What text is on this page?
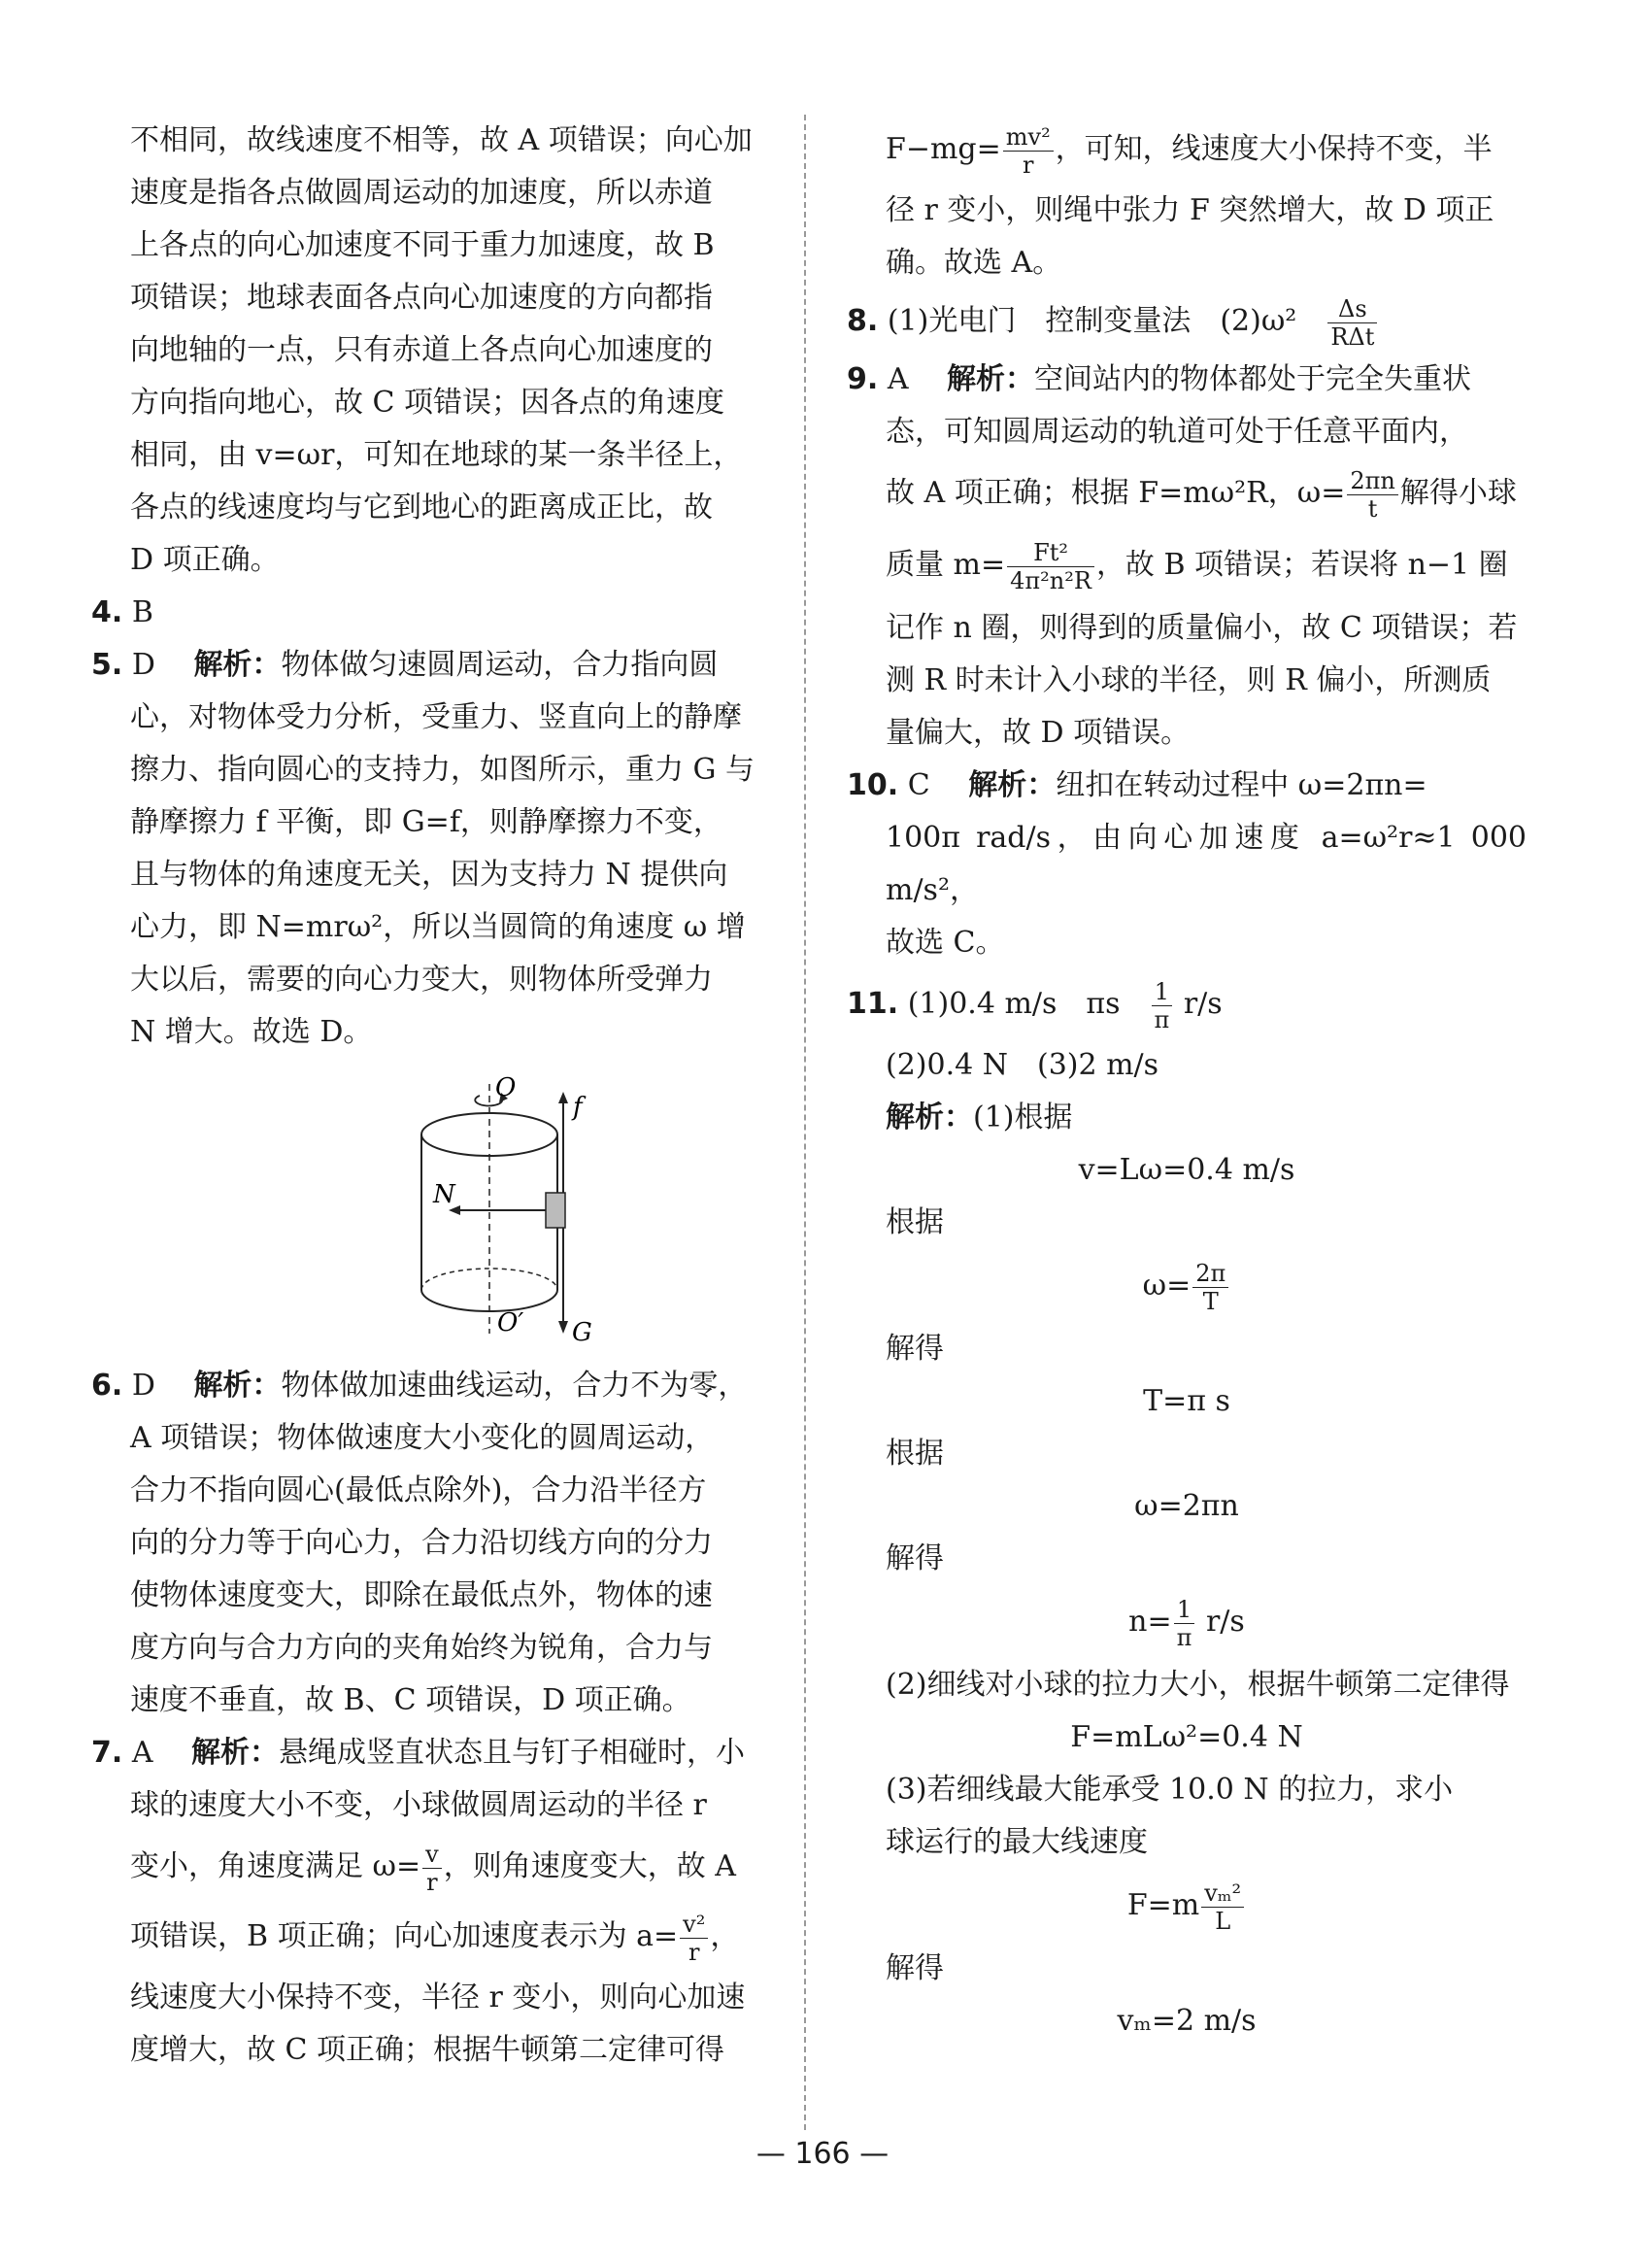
不相同，故线速度不相等，故 A 项错误；向心加

速度是指各点做圆周运动的加速度，所以赤道

上各点的向心加速度不同于重力加速度，故 B

项错误；地球表面各点向心加速度的方向都指

向地轴的一点，只有赤道上各点向心加速度的

方向指向地心，故 C 项错误；因各点的角速度

相同，由 v=ωr，可知在地球的某一条半径上，

各点的线速度均与它到地心的距离成正比，故

D 项正确。

4. B

5. D　 解析：物体做匀速圆周运动，合力指向圆

心，对物体受力分析，受重力、竖直向上的静摩

擦力、指向圆心的支持力，如图所示，重力 G 与

静摩擦力 f 平衡，即 G=f，则静摩擦力不变，

且与物体的角速度无关，因为支持力 N 提供向

心力，即 N=mrω²，所以当圆筒的角速度 ω 增

大以后，需要的向心力变大，则物体所受弹力

N 增大。故选 D。

O
f
N
O′ G

6. D　 解析：物体做加速曲线运动，合力不为零，

A 项错误；物体做速度大小变化的圆周运动，

合力不指向圆心(最低点除外)，合力沿半径方

向的分力等于向心力，合力沿切线方向的分力

使物体速度变大，即除在最低点外，物体的速

度方向与合力方向的夹角始终为锐角，合力与

速度不垂直，故 B、C 项错误，D 项正确。

7. A　 解析：悬绳成竖直状态且与钉子相碰时，小

球的速度大小不变，小球做圆周运动的半径 r

变小，角速度满足 $\omega= \frac{v}{r}$ ，则角速度变大，故 A

项错误，B 项正确；向心加速度表示为 $a= \frac{\text{v²}}{r}$ ，

线速度大小保持不变，半径 r 变小，则向心加速

度增大，故 C 项正确；根据牛顿第二定律可得

$F-mg= \frac{\text{mv²}}{r}$ ，可知，线速度大小保持不变，半

径 r 变小，则绳中张力 F 突然增大，故 D 项正

确。故选 A。

8. (1)光电门　控制变量法　(2)ω²　 $\frac{\Delta s}{\text{RΔt}}$

9. A　 解析：空间站内的物体都处于完全失重状

态，可知圆周运动的轨道可处于任意平面内，

故 A 项正确；根据 F=mω²R，$\omega= \frac{2\pi n}{t}$ 解得小球

质量 $m= \frac{\text{Ft²}}{\text{4π²n²R}}$ ，故 B 项错误；若误将 n−1 圈

记作 n 圈，则得到的质量偏小，故 C 项错误；若

测 R 时未计入小球的半径，则 R 偏小，所测质

量偏大，故 D 项错误。

10. C　 解析：纽扣在转动过程中 ω=2πn=

100π rad/s，由向心加速度 a=ω²r≈1 000 m/s²，

故选 C。

11. (1)0.4 m/s　πs　 $\frac{1}{\pi} r/s$

(2)0.4 N　(3)2 m/s

解析：(1)根据

v=Lω=0.4 m/s

根据

$\omega= \frac{2\pi}{T}$

解得

T=π s

根据

ω=2πn

解得

$n= \frac{1}{\pi} r/s$

(2)细线对小球的拉力大小，根据牛顿第二定律得

F=mLω²=0.4 N

(3)若细线最大能承受 10.0 N 的拉力，求小

球运行的最大线速度

$F=m \frac{\text{vₘ²}}{L}$

解得

vₘ=2 m/s

— 166 —
